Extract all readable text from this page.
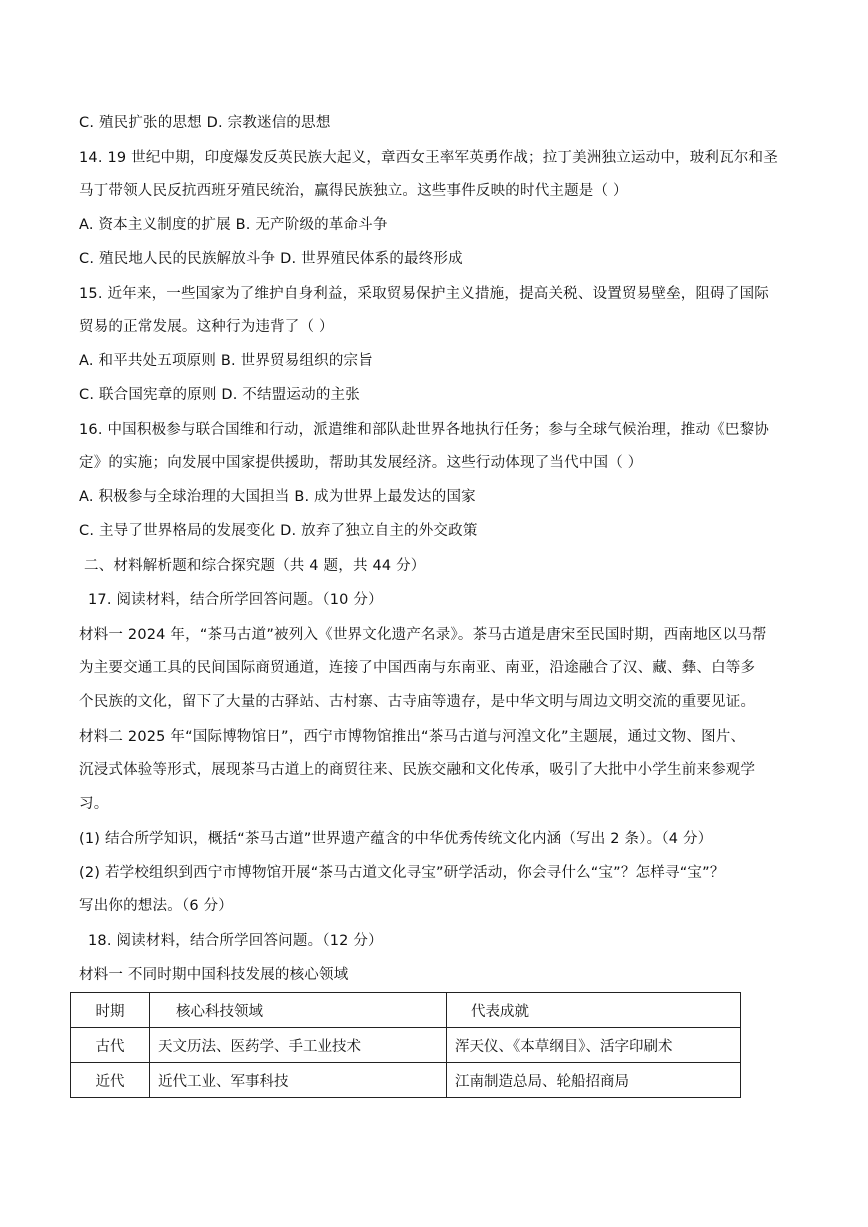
C. 殖民扩张的思想 D. 宗教迷信的思想
14. 19 世纪中期，印度爆发反英民族大起义，章西女王率军英勇作战；拉丁美洲独立运动中，玻利瓦尔和圣
马丁带领人民反抗西班牙殖民统治，赢得民族独立。这些事件反映的时代主题是（ ）
A. 资本主义制度的扩展 B. 无产阶级的革命斗争
C. 殖民地人民的民族解放斗争 D. 世界殖民体系的最终形成
15. 近年来，一些国家为了维护自身利益，采取贸易保护主义措施，提高关税、设置贸易壁垒，阻碍了国际
贸易的正常发展。这种行为违背了（ ）
A. 和平共处五项原则 B. 世界贸易组织的宗旨
C. 联合国宪章的原则 D. 不结盟运动的主张
16. 中国积极参与联合国维和行动，派遣维和部队赴世界各地执行任务；参与全球气候治理，推动《巴黎协
定》的实施；向发展中国家提供援助，帮助其发展经济。这些行动体现了当代中国（ ）
A. 积极参与全球治理的大国担当 B. 成为世界上最发达的国家
C. 主导了世界格局的发展变化 D. 放弃了独立自主的外交政策
二、材料解析题和综合探究题（共 4 题，共 44 分）
17. 阅读材料，结合所学回答问题。（10 分）
材料一 2024 年，“茶马古道”被列入《世界文化遗产名录》。茶马古道是唐宋至民国时期，西南地区以马帮
为主要交通工具的民间国际商贸通道，连接了中国西南与东南亚、南亚，沿途融合了汉、藏、彝、白等多
个民族的文化，留下了大量的古驿站、古村寨、古寺庙等遗存，是中华文明与周边文明交流的重要见证。
材料二 2025 年“国际博物馆日”，西宁市博物馆推出“茶马古道与河湟文化”主题展，通过文物、图片、
沉浸式体验等形式，展现茶马古道上的商贸往来、民族交融和文化传承，吸引了大批中小学生前来参观学
习。
(1) 结合所学知识，概括“茶马古道”世界遗产蕴含的中华优秀传统文化内涵（写出 2 条）。（4 分）
(2) 若学校组织到西宁市博物馆开展“茶马古道文化寻宝”研学活动，你会寻什么“宝”？怎样寻“宝”？
写出你的想法。（6 分）
18. 阅读材料，结合所学回答问题。（12 分）
材料一 不同时期中国科技发展的核心领域
时期	核心科技领域	代表成就
古代	天文历法、医药学、手工业技术	浑天仪、《本草纲目》、活字印刷术
近代	近代工业、军事科技	江南制造总局、轮船招商局
